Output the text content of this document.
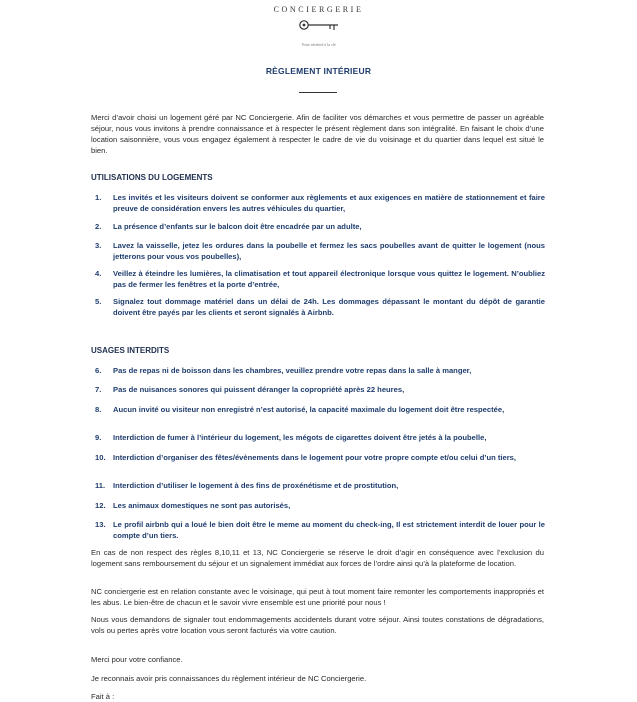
CONCIERGERIE
Votre sérénité à la clé
RÈGLEMENT INTÉRIEUR
Merci d’avoir choisi un logement géré par NC Conciergerie. Afin de faciliter vos démarches et vous permettre de passer un agréable séjour, nous vous invitons à prendre connaissance et à respecter le présent règlement dans son intégralité. En faisant le choix d’une location saisonnière, vous vous engagez également à respecter le cadre de vie du voisinage et du quartier dans lequel est situé le bien.
UTILISATIONS DU LOGEMENTS
1. Les invités et les visiteurs doivent se conformer aux règlements et aux exigences en matière de stationnement et faire preuve de considération envers les autres véhicules du quartier,
2. La présence d’enfants sur le balcon doit être encadrée par un adulte,
3. Lavez la vaisselle, jetez les ordures dans la poubelle et fermez les sacs poubelles avant de quitter le logement (nous jetterons pour vous vos poubelles),
4. Veillez à éteindre les lumières, la climatisation et tout appareil électronique lorsque vous quittez le logement. N’oubliez pas de fermer les fenêtres et la porte d’entrée,
5. Signalez tout dommage matériel dans un délai de 24h. Les dommages dépassant le montant du dépôt de garantie doivent être payés par les clients et seront signalés à Airbnb.
USAGES INTERDITS
6. Pas de repas ni de boisson dans les chambres, veuillez prendre votre repas dans la salle à manger,
7. Pas de nuisances sonores qui puissent déranger la copropriété après 22 heures,
8. Aucun invité ou visiteur non enregistré n’est autorisé, la capacité maximale du logement doit être respectée,
9. Interdiction de fumer à l’intérieur du logement, les mégots de cigarettes doivent être jetés à la poubelle,
10. Interdiction d’organiser des fêtes/évènements dans le logement pour votre propre compte et/ou celui d’un tiers,
11. Interdiction d’utiliser le logement à des fins de proxénétisme et de prostitution,
12. Les animaux domestiques ne sont pas autorisés,
13. Le profil airbnb qui a loué le bien doit être le meme au moment du check-ing, Il est strictement interdit de louer pour le compte d’un tiers.
En cas de non respect des règles 8,10,11 et 13, NC Conciergerie se réserve le droit d’agir en conséquence avec l’exclusion du logement sans remboursement du séjour et un signalement immédiat aux forces de l’ordre ainsi qu’à la plateforme de location.
NC conciergerie est en relation constante avec le voisinage, qui peut à tout moment faire remonter les comportements inappropriés et les abus. Le bien-être de chacun et le savoir vivre ensemble est une priorité pour nous !
Nous vous demandons de signaler tout endommagements accidentels durant votre séjour. Ainsi toutes constations de dégradations, vols ou pertes après votre location vous seront facturés via votre caution.
Merci pour votre confiance.
Je reconnais avoir pris connaissances du règlement intérieur de NC Conciergerie.
Fait à :
